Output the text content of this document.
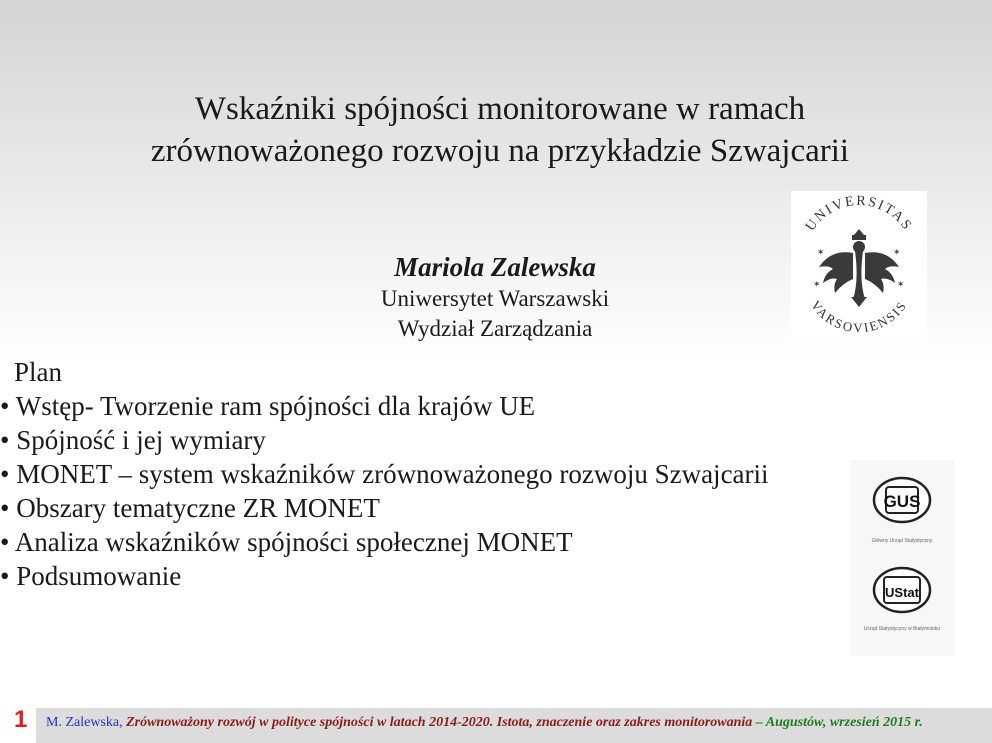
Wskaźniki spójności monitorowane w ramach
zrównoważonego rozwoju na przykładzie Szwajcarii
Mariola Zalewska
Uniwersytet Warszawski
Wydział Zarządzania
UNIVERSITAS
VARSOVIENSIS
✶	✶
✶	✶
Plan
• Wstęp- Tworzenie ram spójności dla krajów UE
• Spójność i jej wymiary
• MONET – system wskaźników zrównoważonego rozwoju Szwajcarii
• Obszary tematyczne ZR MONET
• Analiza wskaźników spójności społecznej MONET
• Podsumowanie
GUS
Główny Urząd Statystyczny
UStat
Urząd Statystyczny w Białymstoku
1	M. Zalewska, Zrównoważony rozwój w polityce spójności w latach 2014-2020. Istota, znaczenie oraz zakres monitorowania – Augustów, wrzesień 2015 r.
